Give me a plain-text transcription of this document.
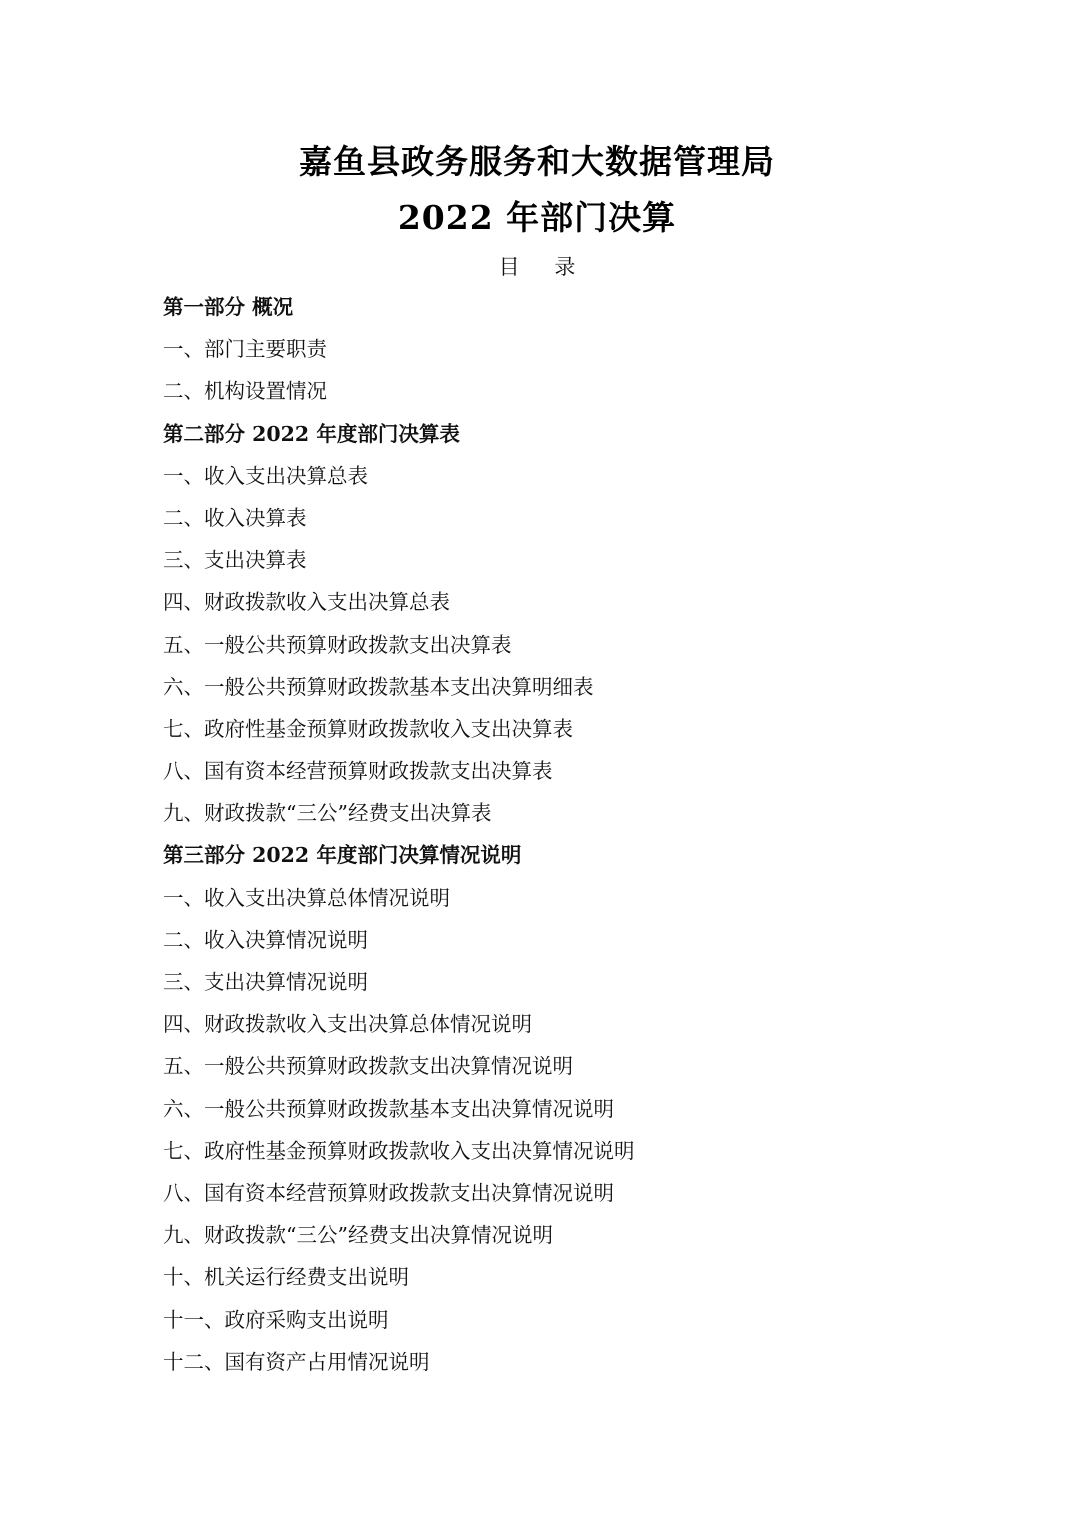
嘉鱼县政务服务和大数据管理局
2022 年部门决算
目 录
第一部分 概况
一、部门主要职责
二、机构设置情况
第二部分 2022 年度部门决算表
一、收入支出决算总表
二、收入决算表
三、支出决算表
四、财政拨款收入支出决算总表
五、一般公共预算财政拨款支出决算表
六、一般公共预算财政拨款基本支出决算明细表
七、政府性基金预算财政拨款收入支出决算表
八、国有资本经营预算财政拨款支出决算表
九、财政拨款“三公”经费支出决算表
第三部分 2022 年度部门决算情况说明
一、收入支出决算总体情况说明
二、收入决算情况说明
三、支出决算情况说明
四、财政拨款收入支出决算总体情况说明
五、一般公共预算财政拨款支出决算情况说明
六、一般公共预算财政拨款基本支出决算情况说明
七、政府性基金预算财政拨款收入支出决算情况说明
八、国有资本经营预算财政拨款支出决算情况说明
九、财政拨款“三公”经费支出决算情况说明
十、机关运行经费支出说明
十一、政府采购支出说明
十二、国有资产占用情况说明
